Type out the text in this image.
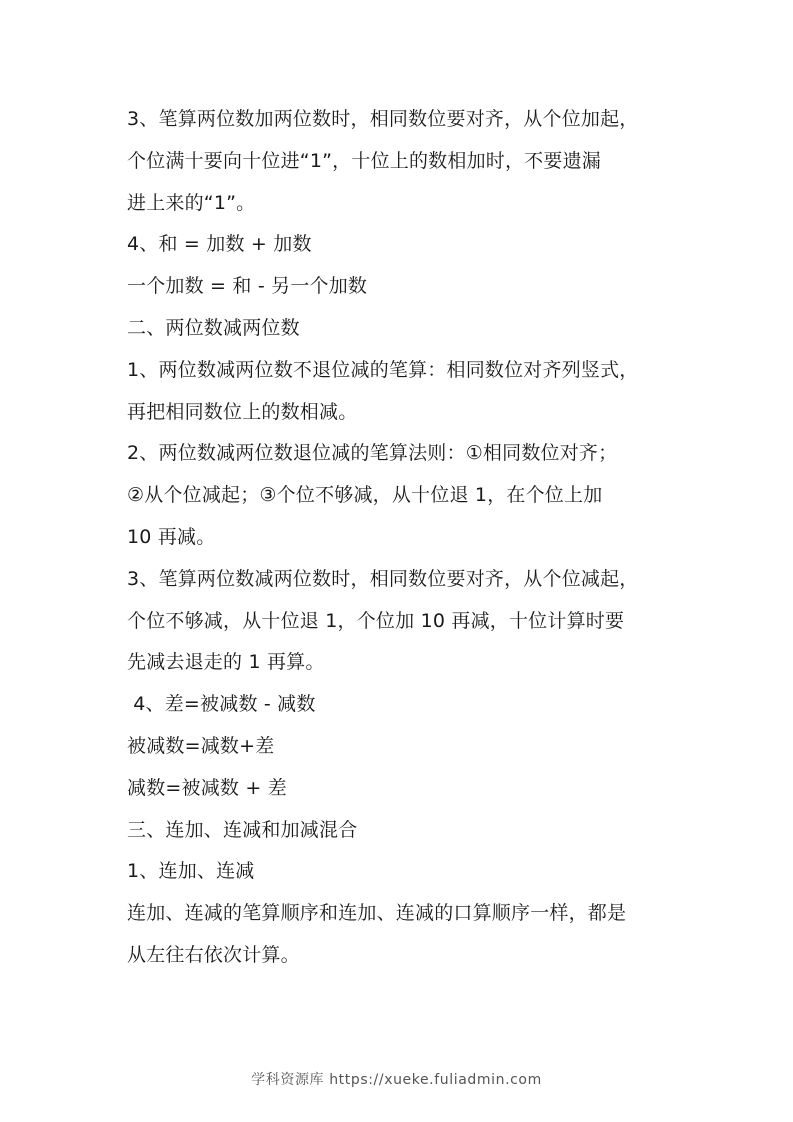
3、笔算两位数加两位数时，相同数位要对齐，从个位加起，
个位满十要向十位进“1”，十位上的数相加时，不要遗漏
进上来的“1”。
4、和 = 加数 + 加数
一个加数 = 和 - 另一个加数
二、两位数减两位数
1、两位数减两位数不退位减的笔算：相同数位对齐列竖式，
再把相同数位上的数相减。
2、两位数减两位数退位减的笔算法则：①相同数位对齐；
②从个位减起；③个位不够减，从十位退 1，在个位上加
10 再减。
3、笔算两位数减两位数时，相同数位要对齐，从个位减起，
个位不够减，从十位退 1，个位加 10 再减，十位计算时要
先减去退走的 1 再算。
4、差=被减数 - 减数
被减数=减数+差
减数=被减数 + 差
三、连加、连减和加减混合
1、连加、连减
连加、连减的笔算顺序和连加、连减的口算顺序一样，都是
从左往右依次计算。
学科资源库 https://xueke.fuliadmin.com
